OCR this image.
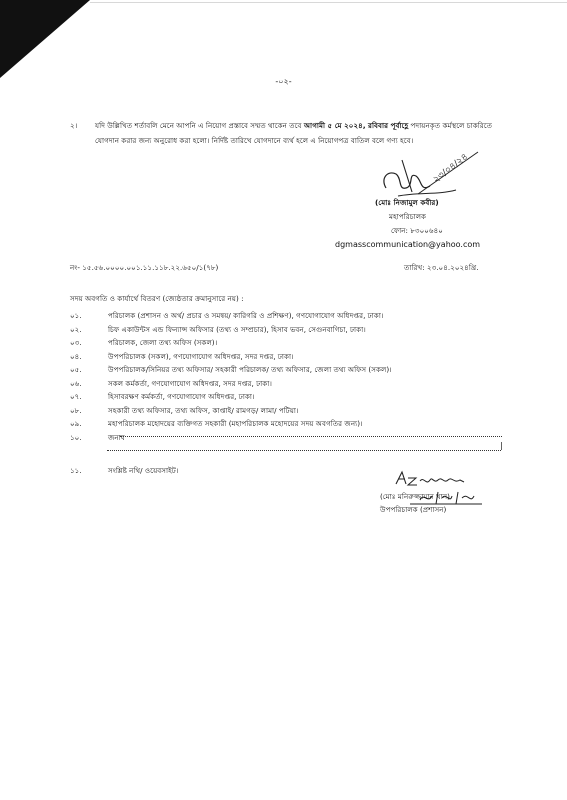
-০২-
২। যদি উল্লিখিত শর্তাবলি মেনে আপনি এ নিয়োগ প্রস্তাবে সম্মত থাকেন তবে আগামী ৫ মে ২০২৪, রবিবার পূর্বাহ্ণে পদায়নকৃত কর্মস্থলে চাকরিতে যোগদান করার জন্য অনুরোধ করা হলো। নির্দিষ্ট তারিখে যোগদানে ব্যর্থ হলে এ নিয়োগপত্র বাতিল বলে গণ্য হবে।
২৩/০৪/২৪
(মোঃ নিজামুল কবীর)
মহাপরিচালক
ফোন: ৮৩০০৬৪০
dgmasscommunication@yahoo.com
নং- ১৫.৫৬.০০০০.০০১.১১.১১৮.২২.৬৫০/১(৭৮)	তারিখ: ২৩.০৪.২০২৪খ্রি.
সদয় অবগতি ও কার্যার্থে বিতরণ (জ্যেষ্ঠতার ক্রমানুসারে নয়) :
০১.	পরিচালক (প্রশাসন ও অর্থ/ প্রচার ও সমন্বয়/ কারিগরি ও প্রশিক্ষণ), গণযোগাযোগ অধিদপ্তর, ঢাকা।
০২.	চিফ একাউন্টস এন্ড ফিন্যান্স অফিসার (তথ্য ও সম্প্রচার), হিসাব ভবন, সেগুনবাগিচা, ঢাকা।
০৩.	পরিচালক, জেলা তথ্য অফিস (সকল)।
০৪.	উপপরিচালক (সকল), গণযোগাযোগ অধিদপ্তর, সদর দপ্তর, ঢাকা।
০৫.	উপপরিচালক/সিনিয়র তথ্য অফিসার/ সহকারী পরিচালক/ তথ্য অফিসার, জেলা তথ্য অফিস (সকল)।
০৬.	সকল কর্মকর্তা, গণযোগাযোগ অধিদপ্তর, সদর দপ্তর, ঢাকা।
০৭.	হিসাবরক্ষণ কর্মকর্তা, গণযোগাযোগ অধিদপ্তর, ঢাকা।
০৮.	সহকারী তথ্য অফিসার, তথ্য অফিস, কাপ্তাই/ রামগড়/ লামা/ পটিয়া।
০৯.	মহাপরিচালক মহোদয়ের ব্যক্তিগত সহকারী (মহাপরিচালক মহোদয়ের সদয় অবগতির জন্য)।
১০.	জনাব
১১.	সংশ্লিষ্ট নথি/ ওয়েবসাইট।
|
(মোঃ মনিরুজ্জামান খান)
উপপরিচালক (প্রশাসন)
